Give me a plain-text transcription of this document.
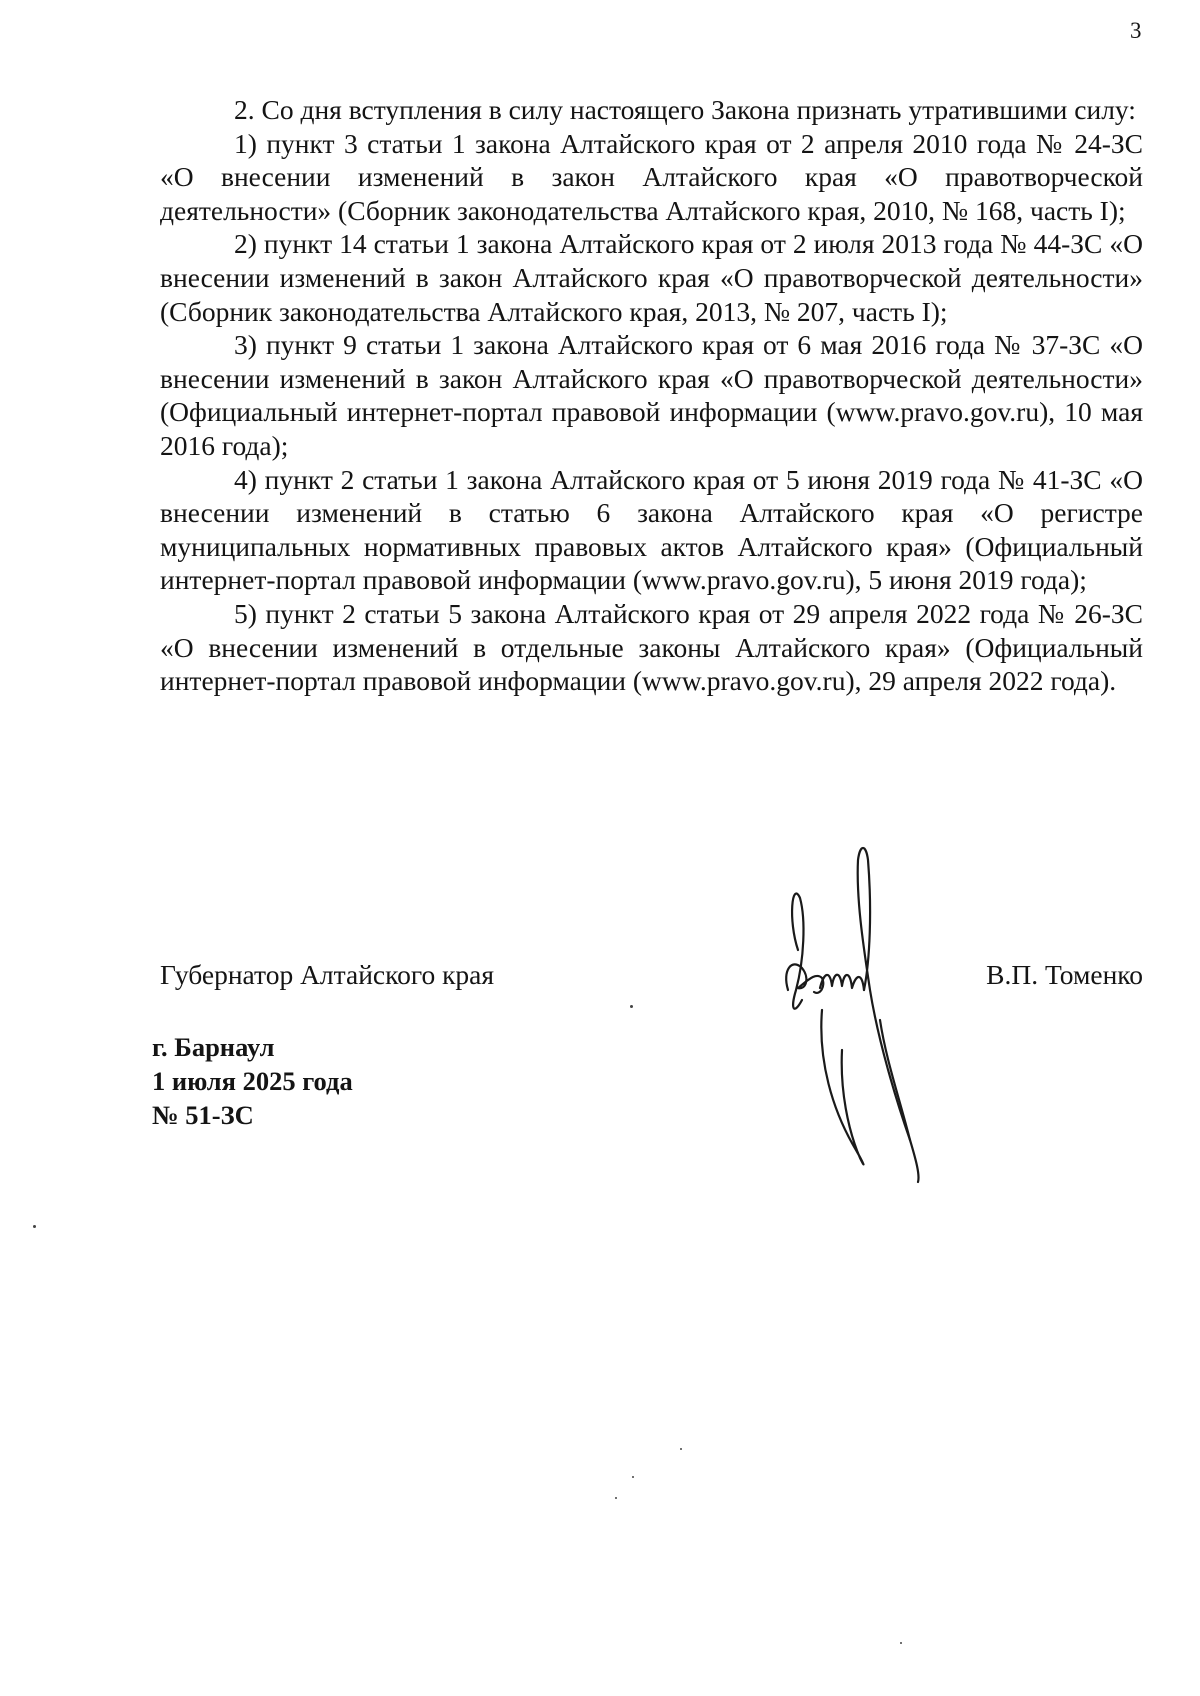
3

2. Со дня вступления в силу настоящего Закона признать утратившими силу:

1) пункт 3 статьи 1 закона Алтайского края от 2 апреля 2010 года № 24-ЗС «О внесении изменений в закон Алтайского края «О правотворческой деятельности» (Сборник законодательства Алтайского края, 2010, № 168, часть I);

2) пункт 14 статьи 1 закона Алтайского края от 2 июля 2013 года № 44-ЗС «О внесении изменений в закон Алтайского края «О правотворческой деятельности» (Сборник законодательства Алтайского края, 2013, № 207, часть I);

3) пункт 9 статьи 1 закона Алтайского края от 6 мая 2016 года № 37-ЗС «О внесении изменений в закон Алтайского края «О правотворческой деятельности» (Официальный интернет-портал правовой информации (www.pravo.gov.ru), 10 мая 2016 года);

4) пункт 2 статьи 1 закона Алтайского края от 5 июня 2019 года № 41-ЗС «О внесении изменений в статью 6 закона Алтайского края «О регистре муниципальных нормативных правовых актов Алтайского края» (Официальный интернет-портал правовой информации (www.pravo.gov.ru), 5 июня 2019 года);

5) пункт 2 статьи 5 закона Алтайского края от 29 апреля 2022 года № 26-ЗС «О внесении изменений в отдельные законы Алтайского края» (Официальный интернет-портал правовой информации (www.pravo.gov.ru), 29 апреля 2022 года).

Губернатор Алтайского края	В.П. Томенко
г. Барнаул
1 июля 2025 года
№ 51-ЗС
